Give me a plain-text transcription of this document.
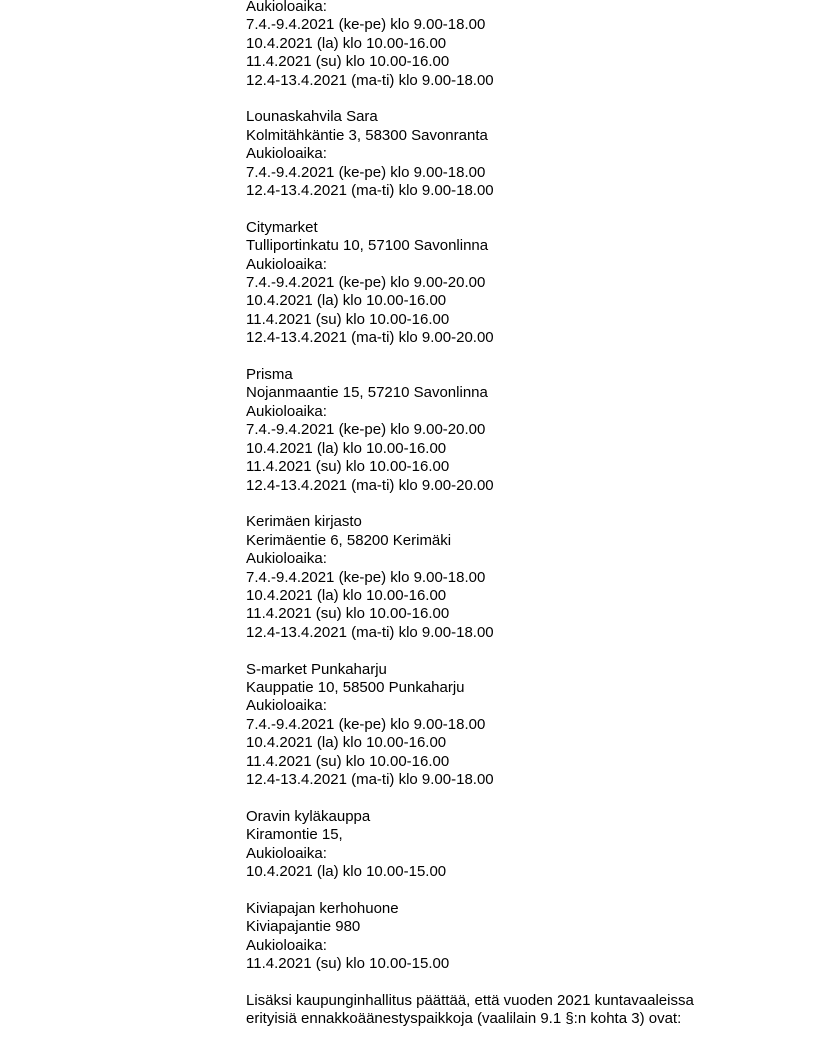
Aukioloaika:
7.4.-9.4.2021 (ke-pe) klo 9.00-18.00
10.4.2021 (la) klo 10.00-16.00
11.4.2021 (su) klo 10.00-16.00
12.4-13.4.2021 (ma-ti) klo 9.00-18.00
Lounaskahvila Sara
Kolmitähkäntie 3, 58300 Savonranta
Aukioloaika:
7.4.-9.4.2021 (ke-pe) klo 9.00-18.00
12.4-13.4.2021 (ma-ti) klo 9.00-18.00
Citymarket
Tulliportinkatu 10, 57100 Savonlinna
Aukioloaika:
7.4.-9.4.2021 (ke-pe) klo 9.00-20.00
10.4.2021 (la) klo 10.00-16.00
11.4.2021 (su) klo 10.00-16.00
12.4-13.4.2021 (ma-ti) klo 9.00-20.00
Prisma
Nojanmaantie 15, 57210 Savonlinna
Aukioloaika:
7.4.-9.4.2021 (ke-pe) klo 9.00-20.00
10.4.2021 (la) klo 10.00-16.00
11.4.2021 (su) klo 10.00-16.00
12.4-13.4.2021 (ma-ti) klo 9.00-20.00
Kerimäen kirjasto
Kerimäentie 6, 58200 Kerimäki
Aukioloaika:
7.4.-9.4.2021 (ke-pe) klo 9.00-18.00
10.4.2021 (la) klo 10.00-16.00
11.4.2021 (su) klo 10.00-16.00
12.4-13.4.2021 (ma-ti) klo 9.00-18.00
S-market Punkaharju
Kauppatie 10, 58500 Punkaharju
Aukioloaika:
7.4.-9.4.2021 (ke-pe) klo 9.00-18.00
10.4.2021 (la) klo 10.00-16.00
11.4.2021 (su) klo 10.00-16.00
12.4-13.4.2021 (ma-ti) klo 9.00-18.00
Oravin kyläkauppa
Kiramontie 15,
Aukioloaika:
10.4.2021 (la) klo 10.00-15.00
Kiviapajan kerhohuone
Kiviapajantie 980
Aukioloaika:
11.4.2021 (su) klo 10.00-15.00
Lisäksi kaupunginhallitus päättää, että vuoden 2021 kuntavaaleissa
erityisiä ennakkoäänestyspaikkoja (vaalilain 9.1 §:n kohta 3) ovat:
